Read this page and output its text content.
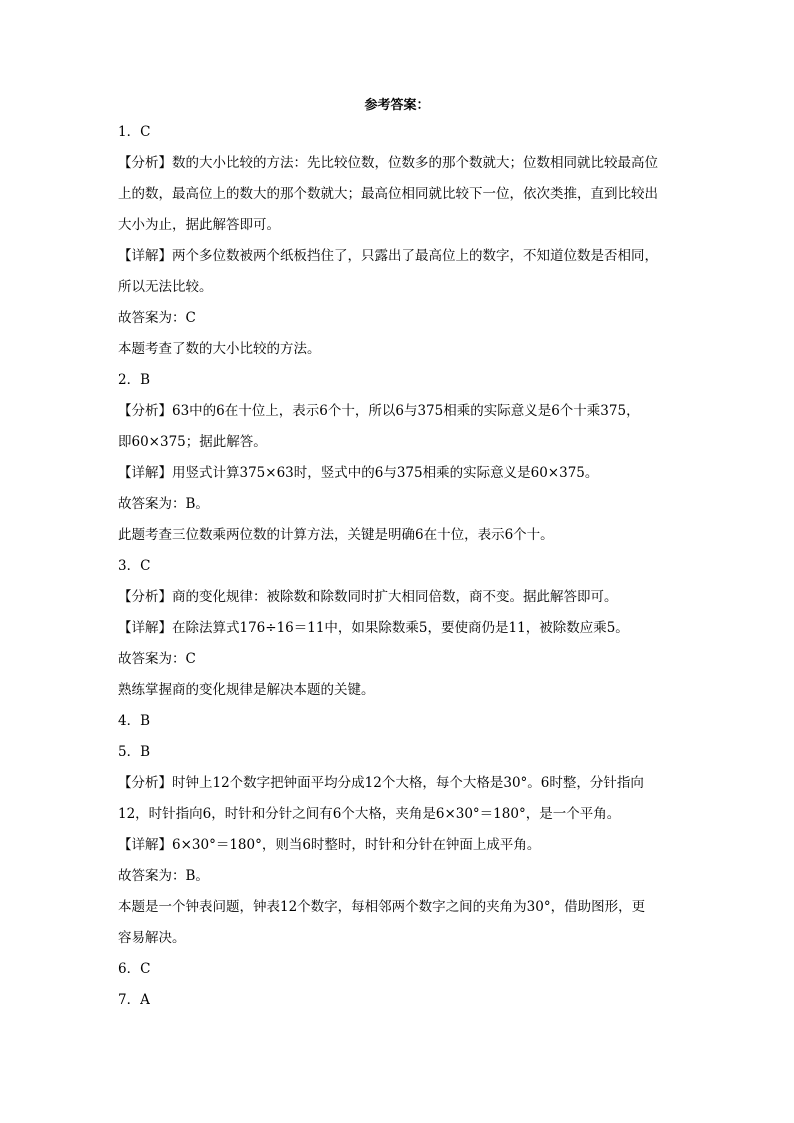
参考答案：
1．C
【分析】数的大小比较的方法：先比较位数，位数多的那个数就大；位数相同就比较最高位
上的数，最高位上的数大的那个数就大；最高位相同就比较下一位，依次类推，直到比较出
大小为止，据此解答即可。
【详解】两个多位数被两个纸板挡住了，只露出了最高位上的数字，不知道位数是否相同，
所以无法比较。
故答案为：C
本题考查了数的大小比较的方法。
2．B
【分析】63中的6在十位上，表示6个十，所以6与375相乘的实际意义是6个十乘375，
即60×375；据此解答。
【详解】用竖式计算375×63时，竖式中的6与375相乘的实际意义是60×375。
故答案为：B。
此题考查三位数乘两位数的计算方法，关键是明确6在十位，表示6个十。
3．C
【分析】商的变化规律：被除数和除数同时扩大相同倍数，商不变。据此解答即可。
【详解】在除法算式176÷16＝11中，如果除数乘5，要使商仍是11，被除数应乘5。
故答案为：C
熟练掌握商的变化规律是解决本题的关键。
4．B
5．B
【分析】时钟上12个数字把钟面平均分成12个大格，每个大格是30°。6时整，分针指向
12，时针指向6，时针和分针之间有6个大格，夹角是6×30°＝180°，是一个平角。
【详解】6×30°＝180°，则当6时整时，时针和分针在钟面上成平角。
故答案为：B。
本题是一个钟表问题，钟表12个数字，每相邻两个数字之间的夹角为30°，借助图形，更
容易解决。
6．C
7．A
